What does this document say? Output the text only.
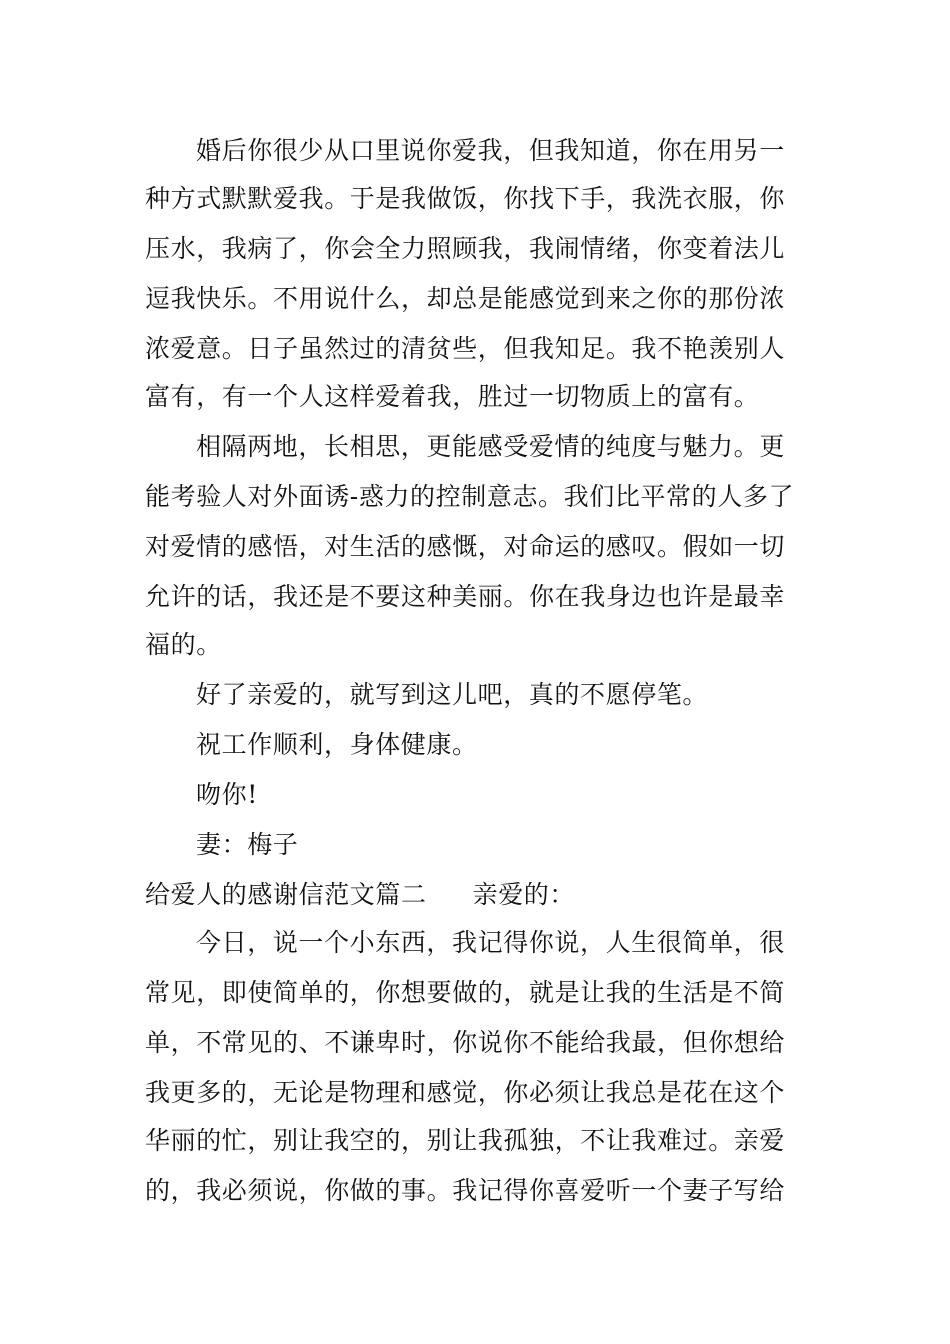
婚后你很少从口里说你爱我，但我知道，你在用另一
种方式默默爱我。于是我做饭，你找下手，我洗衣服，你
压水，我病了，你会全力照顾我，我闹情绪，你变着法儿
逗我快乐。不用说什么，却总是能感觉到来之你的那份浓
浓爱意。日子虽然过的清贫些，但我知足。我不艳羡别人
富有，有一个人这样爱着我，胜过一切物质上的富有。
相隔两地，长相思，更能感受爱情的纯度与魅力。更
能考验人对外面诱-惑力的控制意志。我们比平常的人多了
对爱情的感悟，对生活的感慨，对命运的感叹。假如一切
允许的话，我还是不要这种美丽。你在我身边也许是最幸
福的。
好了亲爱的，就写到这儿吧，真的不愿停笔。
祝工作顺利，身体健康。
吻你!
妻：梅子
给爱人的感谢信范文篇二 亲爱的：
今日，说一个小东西，我记得你说，人生很简单，很
常见，即使简单的，你想要做的，就是让我的生活是不简
单，不常见的、不谦卑时，你说你不能给我最，但你想给
我更多的，无论是物理和感觉，你必须让我总是花在这个
华丽的忙，别让我空的，别让我孤独，不让我难过。亲爱
的，我必须说，你做的事。我记得你喜爱听一个妻子写给
